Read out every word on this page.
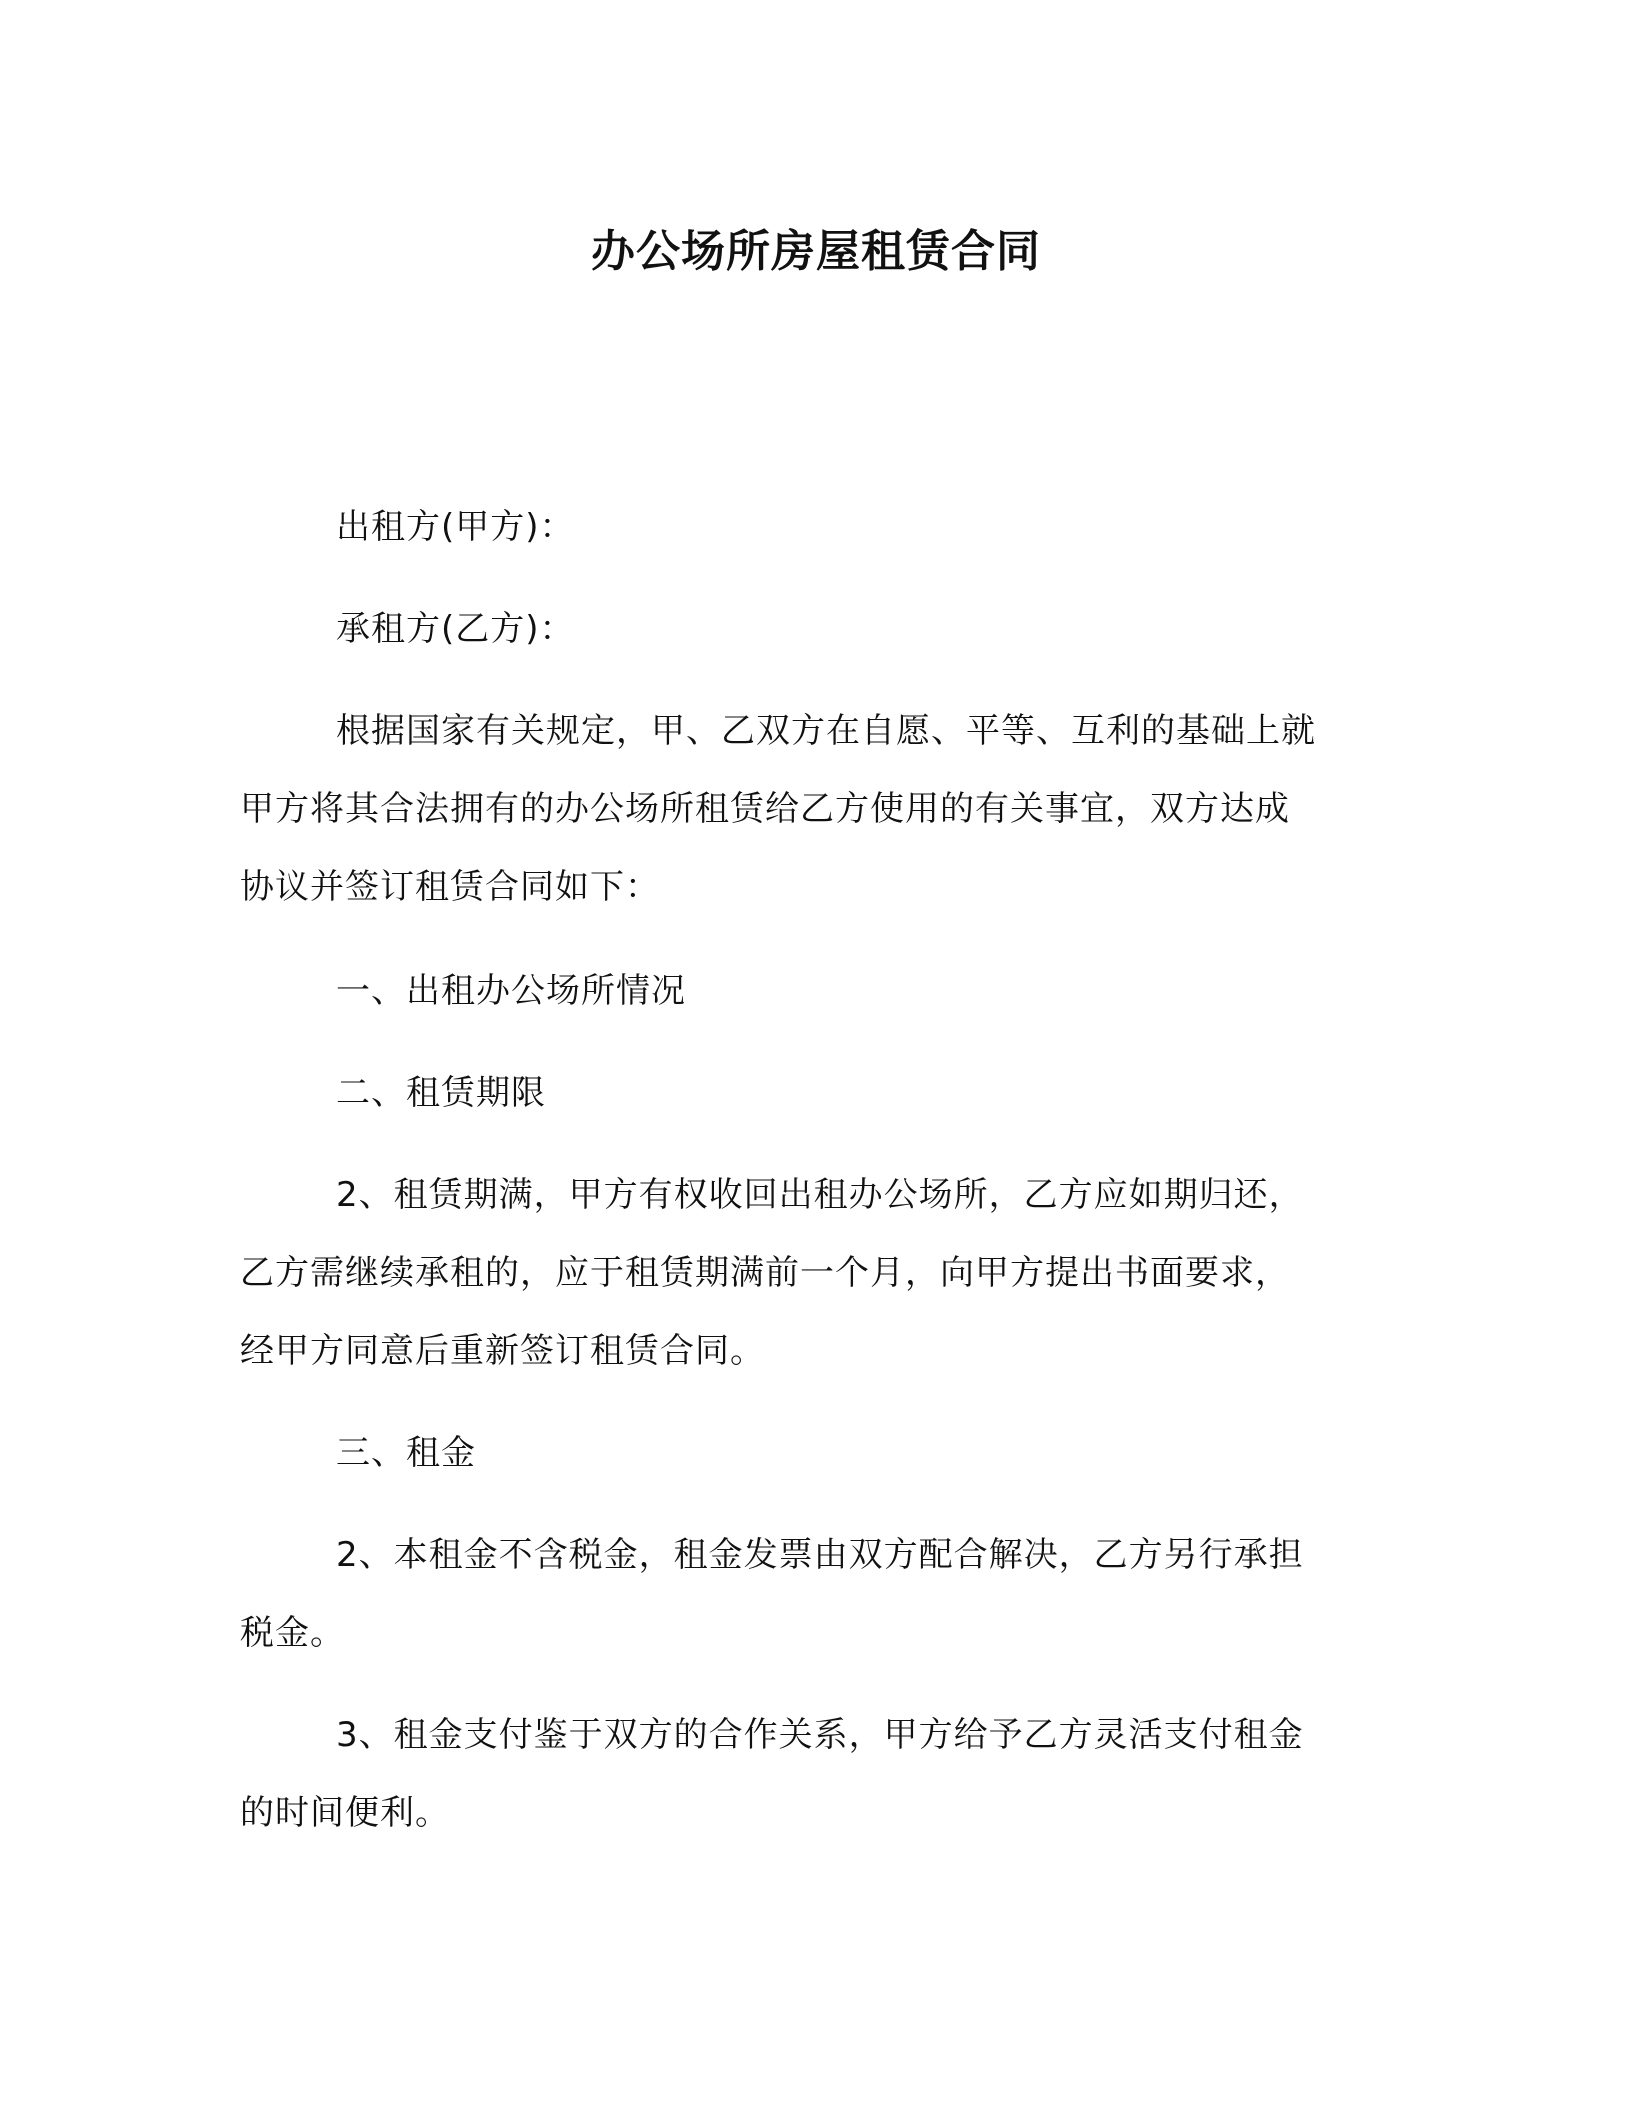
办公场所房屋租赁合同

出租方(甲方)：

承租方(乙方)：

根据国家有关规定，甲、乙双方在自愿、平等、互利的基础上就
甲方将其合法拥有的办公场所租赁给乙方使用的有关事宜，双方达成
协议并签订租赁合同如下：

一、出租办公场所情况

二、租赁期限

2、租赁期满，甲方有权收回出租办公场所，乙方应如期归还，
乙方需继续承租的，应于租赁期满前一个月，向甲方提出书面要求，
经甲方同意后重新签订租赁合同。

三、租金

2、本租金不含税金，租金发票由双方配合解决，乙方另行承担
税金。

3、租金支付鉴于双方的合作关系，甲方给予乙方灵活支付租金
的时间便利。
